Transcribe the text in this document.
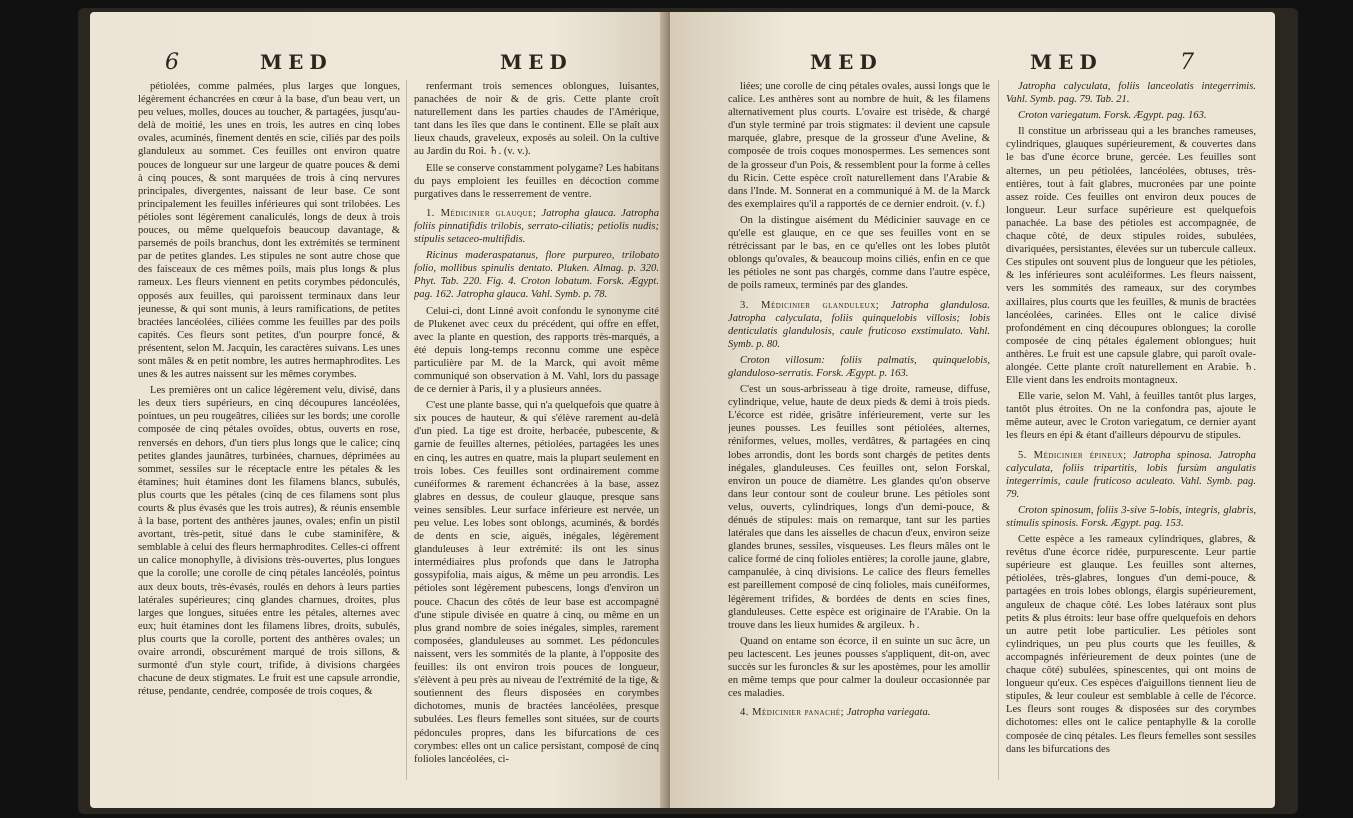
6	MED	MED

pétiolées, comme palmées, plus larges que longues, légèrement échancrées en cœur à la base, d'un beau vert, un peu velues, molles, douces au toucher, & partagées, jusqu'au-delà de moitié, les unes en trois, les autres en cinq lobes ovales, acuminés, finement dentés en scie, ciliés par des poils glanduleux au sommet. Ces feuilles ont environ quatre pouces de longueur sur une largeur de quatre pouces & demi à cinq pouces, & sont marquées de trois à cinq nervures principales, divergentes, naissant de leur base. Ce sont principalement les feuilles inférieures qui sont trilobées. Les pétioles sont légèrement canaliculés, longs de deux à trois pouces, ou même quelquefois beaucoup davantage, & parsemés de poils branchus, dont les extrémités se terminent par de petites glandes. Les stipules ne sont autre chose que des faisceaux de ces mêmes poils, mais plus longs & plus rameux. Les fleurs viennent en petits corymbes pédonculés, opposés aux feuilles, qui paroissent terminaux dans leur jeunesse, & qui sont munis, à leurs ramifications, de petites bractées lancéolées, ciliées comme les feuilles par des poils capités. Ces fleurs sont petites, d'un pourpre foncé, & présentent, selon M. Jacquin, les caractères suivans. Les unes sont mâles & en petit nombre, les autres hermaphrodites. Les unes & les autres naissent sur les mêmes corymbes.

Les premières ont un calice légèrement velu, divisé, dans les deux tiers supérieurs, en cinq découpures lancéolées, pointues, un peu rougeâtres, ciliées sur les bords; une corolle composée de cinq pétales ovoïdes, obtus, ouverts en rose, renversés en dehors, d'un tiers plus longs que le calice; cinq petites glandes jaunâtres, turbinées, charnues, déprimées au sommet, sessiles sur le réceptacle entre les pétales & les étamines; huit étamines dont les filamens blancs, subulés, plus courts que les pétales (cinq de ces filamens sont plus courts & plus évasés que les trois autres), & réunis ensemble à la base, portent des anthères jaunes, ovales; enfin un pistil avortant, très-petit, situé dans le cube staminifère, & semblable à celui des fleurs hermaphrodites. Celles-ci offrent un calice monophylle, à divisions très-ouvertes, plus longues que la corolle; une corolle de cinq pétales lancéolés, pointus aux deux bouts, très-évasés, roulés en dehors à leurs parties latérales supérieures; cinq glandes charnues, droites, plus larges que longues, situées entre les pétales, alternes avec eux; huit étamines dont les filamens libres, droits, subulés, plus courts que la corolle, portent des anthères ovales; un ovaire arrondi, obscurément marqué de trois sillons, & surmonté d'un style court, trifide, à divisions chargées chacune de deux stigmates. Le fruit est une capsule arrondie, rétuse, pendante, cendrée, composée de trois coques, &

renfermant trois semences oblongues, luisantes, panachées de noir & de gris. Cette plante croît naturellement dans les parties chaudes de l'Amérique, tant dans les îles que dans le continent. Elle se plaît aux lieux chauds, graveleux, exposés au soleil. On la cultive au Jardin du Roi. ♄. (v. v.).

Elle se conserve constamment polygame? Les habitans du pays emploient les feuilles en décoction comme purgatives dans le resserrement de ventre.

1. Médicinier glauque; Jatropha glauca. Jatropha foliis pinnatifidis trilobis, serrato-ciliatis; petiolis nudis; stipulis setaceo-multifidis.

Ricinus maderaspatanus, flore purpureo, trilobato folio, mollibus spinulis dentato. Pluken. Almag. p. 320. Phyt. Tab. 220. Fig. 4. Croton lobatum. Forsk. Ægypt. pag. 162. Jatropha glauca. Vahl. Symb. p. 78.

Celui-ci, dont Linné avoit confondu le synonyme cité de Plukenet avec ceux du précédent, qui offre en effet, avec la plante en question, des rapports très-marqués, a été depuis long-temps reconnu comme une espèce particulière par M. de la Marck, qui avoit même communiqué son observation à M. Vahl, lors du passage de ce dernier à Paris, il y a plusieurs années.

C'est une plante basse, qui n'a quelquefois que quatre à six pouces de hauteur, & qui s'élève rarement au-delà d'un pied. La tige est droite, herbacée, pubescente, & garnie de feuilles alternes, pétiolées, partagées les unes en cinq, les autres en quatre, mais la plupart seulement en trois lobes. Ces feuilles sont ordinairement comme cunéiformes & rarement échancrées à la base, assez glabres en dessus, de couleur glauque, presque sans veines sensibles. Leur surface inférieure est nervée, un peu velue. Les lobes sont oblongs, acuminés, & bordés de dents en scie, aiguës, inégales, légèrement glanduleuses à leur extrémité: ils ont les sinus intermédiaires plus profonds que dans le Jatropha gossypifolia, mais aigus, & même un peu arrondis. Les pétioles sont légèrement pubescens, longs d'environ un pouce. Chacun des côtés de leur base est accompagné d'une stipule divisée en quatre à cinq, ou même en un plus grand nombre de soies inégales, simples, rarement composées, glanduleuses au sommet. Les pédoncules naissent, vers les sommités de la plante, à l'opposite des feuilles: ils ont environ trois pouces de longueur, s'élèvent à peu près au niveau de l'extrémité de la tige, & soutiennent des fleurs disposées en corymbes dichotomes, munis de bractées lancéolées, presque subulées. Les fleurs femelles sont situées, sur de courts pédoncules propres, dans les bifurcations de ces corymbes: elles ont un calice persistant, composé de cinq folioles lancéolées, ci-

MED	MED	7

liées; une corolle de cinq pétales ovales, aussi longs que le calice. Les anthères sont au nombre de huit, & les filamens alternativement plus courts. L'ovaire est trisède, & chargé d'un style terminé par trois stigmates: il devient une capsule marquée, glabre, presque de la grosseur d'une Aveline, & composée de trois coques monospermes. Les semences sont de la grosseur d'un Pois, & ressemblent pour la forme à celles du Ricin. Cette espèce croît naturellement dans l'Arabie & dans l'Inde. M. Sonnerat en a communiqué à M. de la Marck des exemplaires qu'il a rapportés de ce dernier endroit. (v. f.)

On la distingue aisément du Médicinier sauvage en ce qu'elle est glauque, en ce que ses feuilles vont en se rétrécissant par le bas, en ce qu'elles ont les lobes plutôt oblongs qu'ovales, & beaucoup moins ciliés, enfin en ce que les pétioles ne sont pas chargés, comme dans l'autre espèce, de poils rameux, terminés par des glandes.

3. Médicinier glanduleux; Jatropha glandulosa. Jatropha calyculata, foliis quinquelobis villosis; lobis denticulatis glandulosis, caule fruticoso exstimulato. Vahl. Symb. p. 80.

Croton villosum: foliis palmatis, quinquelobis, glanduloso-serratis. Forsk. Ægypt. p. 163.

C'est un sous-arbrisseau à tige droite, rameuse, diffuse, cylindrique, velue, haute de deux pieds & demi à trois pieds. L'écorce est ridée, grisâtre inférieurement, verte sur les jeunes pousses. Les feuilles sont pétiolées, alternes, réniformes, velues, molles, verdâtres, & partagées en cinq lobes arrondis, dont les bords sont chargés de petites dents inégales, glanduleuses. Ces feuilles ont, selon Forskal, environ un pouce de diamètre. Les glandes qu'on observe dans leur contour sont de couleur brune. Les pétioles sont velus, ouverts, cylindriques, longs d'un demi-pouce, & dénués de stipules: mais on remarque, tant sur les parties latérales que dans les aisselles de chacun d'eux, environ seize glandes brunes, sessiles, visqueuses. Les fleurs mâles ont le calice formé de cinq folioles entières; la corolle jaune, glabre, campanulée, à cinq divisions. Le calice des fleurs femelles est pareillement composé de cinq folioles, mais cunéiformes, légèrement trifides, & bordées de dents en scies fines, glanduleuses. Cette espèce est originaire de l'Arabie. On la trouve dans les lieux humides & argileux. ♄.

Quand on entame son écorce, il en suinte un suc âcre, un peu lactescent. Les jeunes pousses s'appliquent, dit-on, avec succès sur les furoncles & sur les apostèmes, pour les amollir en même temps que pour calmer la douleur occasionnée par ces maladies.

4. Médicinier panaché; Jatropha variegata.

Jatropha calyculata, foliis lanceolatis integerrimis. Vahl. Symb. pag. 79. Tab. 21.

Croton variegatum. Forsk. Ægypt. pag. 163.

Il constitue un arbrisseau qui a les branches rameuses, cylindriques, glauques supérieurement, & couvertes dans le bas d'une écorce brune, gercée. Les feuilles sont alternes, un peu pétiolées, lancéolées, obtuses, très-entières, tout à fait glabres, mucronées par une pointe assez roide. Ces feuilles ont environ deux pouces de longueur. Leur surface supérieure est quelquefois panachée. La base des pétioles est accompagnée, de chaque côté, de deux stipules roides, subulées, divariquées, persistantes, élevées sur un tubercule calleux. Ces stipules ont souvent plus de longueur que les pétioles, & les inférieures sont aculéiformes. Les fleurs naissent, vers les sommités des rameaux, sur des corymbes axillaires, plus courts que les feuilles, & munis de bractées lancéolées, carinées. Elles ont le calice divisé profondément en cinq découpures oblongues; la corolle composée de cinq pétales également oblongues; huit anthères. Le fruit est une capsule glabre, qui paroît ovale-alongée. Cette plante croît naturellement en Arabie. ♄. Elle vient dans les endroits montagneux.

Elle varie, selon M. Vahl, à feuilles tantôt plus larges, tantôt plus étroites. On ne la confondra pas, ajoute le même auteur, avec le Croton variegatum, ce dernier ayant les fleurs en épi & étant d'ailleurs dépourvu de stipules.

5. Médicinier épineux; Jatropha spinosa. Jatropha calyculata, foliis tripartitis, lobis fursùm angulatis integerrimis, caule fruticoso aculeato. Vahl. Symb. pag. 79.

Croton spinosum, foliis 3-sive 5-lobis, integris, glabris, stimulis spinosis. Forsk. Ægypt. pag. 153.

Cette espèce a les rameaux cylindriques, glabres, & revêtus d'une écorce ridée, purpurescente. Leur partie supérieure est glauque. Les feuilles sont alternes, pétiolées, très-glabres, longues d'un demi-pouce, & partagées en trois lobes oblongs, élargis supérieurement, anguleux de chaque côté. Les lobes latéraux sont plus petits & plus étroits: leur base offre quelquefois en dehors un autre petit lobe particulier. Les pétioles sont cylindriques, un peu plus courts que les feuilles, & accompagnés inférieurement de deux pointes (une de chaque côté) subulées, spinescentes, qui ont moins de longueur qu'eux. Ces espèces d'aiguillons tiennent lieu de stipules, & leur couleur est semblable à celle de l'écorce. Les fleurs sont rouges & disposées sur des corymbes dichotomes: elles ont le calice pentaphylle & la corolle composée de cinq pétales. Les fleurs femelles sont sessiles dans les bifurcations des
